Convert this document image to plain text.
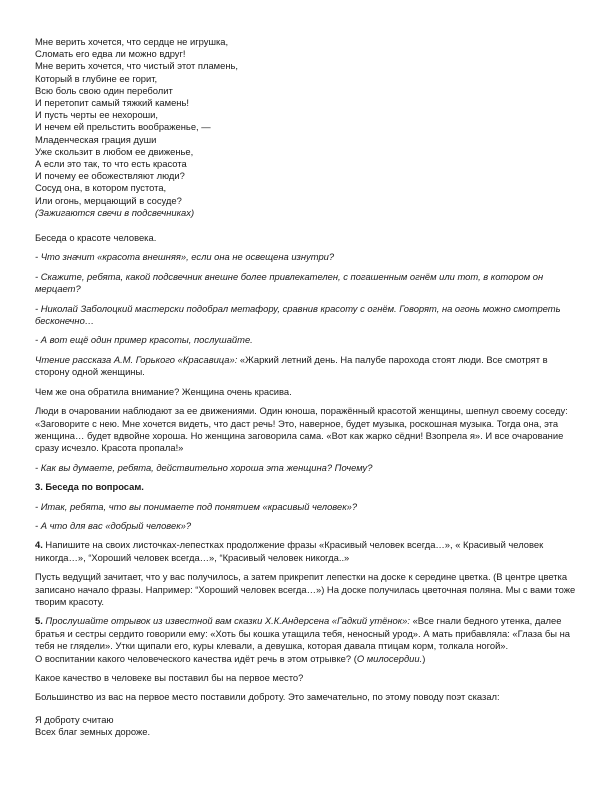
Мне верить хочется, что сердце не игрушка,
Сломать его едва ли можно вдруг!
Мне верить хочется, что чистый этот пламень,
Который в глубине ее горит,
Всю боль свою один переболит
И перетопит самый тяжкий камень!
И пусть черты ее нехороши,
И нечем ей прельстить воображенье, —
Младенческая грация души
Уже скользит в любом ее движенье,
А если это так, то что есть красота
И почему ее обожествляют люди?
Сосуд она, в котором пустота,
Или огонь, мерцающий в сосуде?
(Зажигаются свечи в подсвечниках)

Беседа о красоте человека.

- Что значит «красота внешняя», если она не освещена изнутри?

- Скажите, ребята, какой подсвечник внешне более привлекателен, с погашенным огнём или тот, в котором он мерцает?

- Николай Заболоцкий мастерски подобрал метафору, сравнив красоту с огнём. Говорят, на огонь можно смотреть бесконечно…

- А вот ещё один пример красоты, послушайте.

Чтение рассказа А.М. Горького «Красавица»: «Жаркий летний день. На палубе парохода стоят люди. Все смотрят в сторону одной женщины.

Чем же она обратила внимание? Женщина очень красива.

Люди в очаровании наблюдают за ее движениями. Один юноша, поражённый красотой женщины, шепнул своему соседу: «Заговорите с нею. Мне хочется видеть, что даст речь! Это, наверное, будет музыка, роскошная музыка. Тогда она, эта женщина… будет вдвойне хороша. Но женщина заговорила сама. «Вот как жарко сёдни! Взопрела я». И все очарование сразу исчезло. Красота пропала!»

- Как вы думаете, ребята, действительно хороша эта женщина? Почему?

3. Беседа по вопросам.

- Итак, ребята, что вы понимаете под понятием «красивый человек»?

- А что для вас «добрый человек»?

4. Напишите на своих листочках-лепестках продолжение фразы «Красивый человек всегда…», « Красивый человек никогда…», “Хороший человек всегда…», “Красивый человек никогда..»

Пусть ведущий зачитает, что у вас получилось, а затем прикрепит лепестки на доске к середине цветка. (В центре цветка записано начало фразы. Например: “Хороший человек всегда…») На доске получилась цветочная поляна. Мы с вами тоже творим красоту.

5. Прослушайте отрывок из известной вам сказки Х.К.Андерсена «Гадкий утёнок»: «Все гнали бедного утенка, далее братья и сестры сердито говорили ему: «Хоть бы кошка утащила тебя, неносный урод». А мать прибавляла: «Глаза бы на тебя не глядели». Утки щипали его, куры клевали, а девушка, которая давала птицам корм, толкала ногой».

О воспитании какого человеческого качества идёт речь в этом отрывке? (О милосердии.)

Какое качество в человеке вы поставил бы на первое место?

Большинство из вас на первое место поставили доброту. Это замечательно, по этому поводу поэт сказал:

Я доброту считаю
Всех благ земных дороже.
